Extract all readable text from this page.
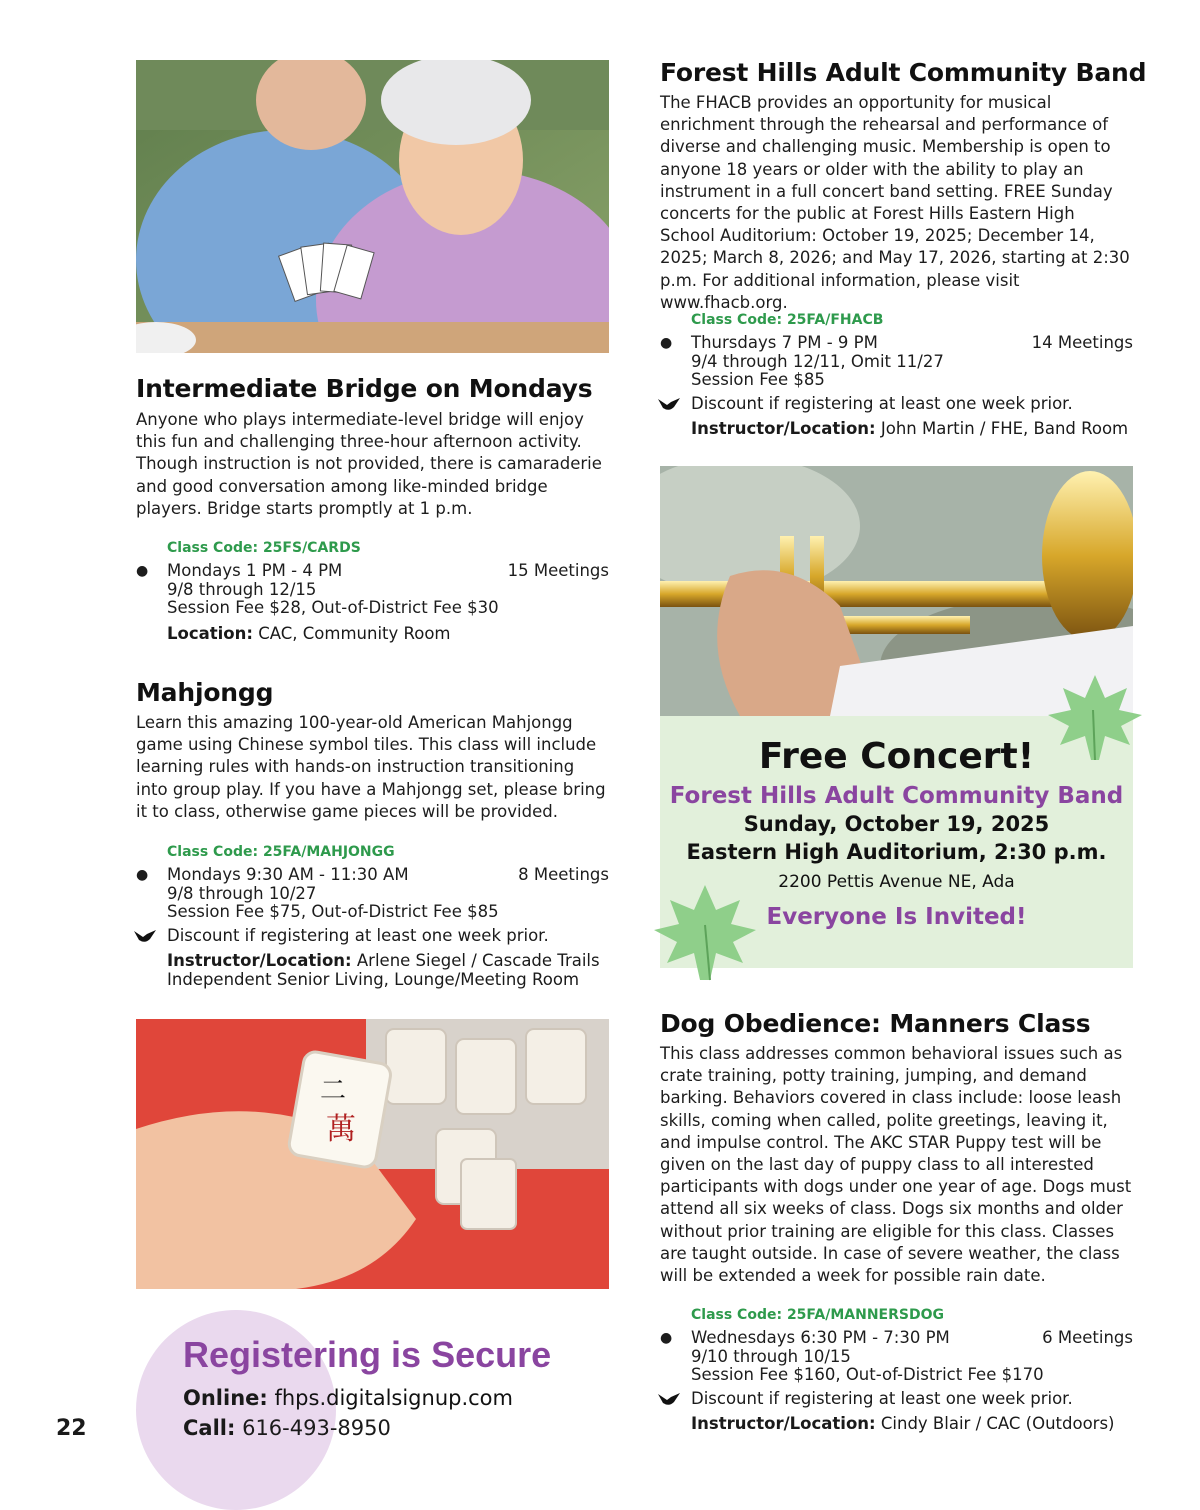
Intermediate Bridge on Mondays

Anyone who plays intermediate-level bridge will enjoy this fun and challenging three-hour afternoon activity. Though instruction is not provided, there is camaraderie and good conversation among like-minded bridge players. Bridge starts promptly at 1 p.m.

Class Code: 25FS/CARDS
● Mondays 1 PM - 4 PM	15 Meetings
9/8 through 12/15
Session Fee $28, Out-of-District Fee $30
Location: CAC, Community Room
Mahjongg

Learn this amazing 100-year-old American Mahjongg game using Chinese symbol tiles. This class will include learning rules with hands-on instruction transitioning into group play. If you have a Mahjongg set, please bring it to class, otherwise game pieces will be provided.

Class Code: 25FA/MAHJONGG
● Mondays 9:30 AM - 11:30 AM	8 Meetings
9/8 through 10/27
Session Fee $75, Out-of-District Fee $85
Discount if registering at least one week prior.
Instructor/Location: Arlene Siegel / Cascade Trails Independent Senior Living, Lounge/Meeting Room
二
萬
Registering is Secure
Online: fhps.digitalsignup.com
Call: 616-493-8950
22
Forest Hills Adult Community Band

The FHACB provides an opportunity for musical enrichment through the rehearsal and performance of diverse and challenging music. Membership is open to anyone 18 years or older with the ability to play an instrument in a full concert band setting. FREE Sunday concerts for the public at Forest Hills Eastern High School Auditorium: October 19, 2025; December 14, 2025; March 8, 2026; and May 17, 2026, starting at 2:30 p.m. For additional information, please visit www.fhacb.org.

Class Code: 25FA/FHACB
● Thursdays 7 PM - 9 PM	14 Meetings
9/4 through 12/11, Omit 11/27
Session Fee $85
Discount if registering at least one week prior.
Instructor/Location: John Martin / FHE, Band Room
Free Concert!
Forest Hills Adult Community Band
Sunday, October 19, 2025
Eastern High Auditorium, 2:30 p.m.
2200 Pettis Avenue NE, Ada
Everyone Is Invited!
Dog Obedience: Manners Class

This class addresses common behavioral issues such as crate training, potty training, jumping, and demand barking. Behaviors covered in class include: loose leash skills, coming when called, polite greetings, leaving it, and impulse control. The AKC STAR Puppy test will be given on the last day of puppy class to all interested participants with dogs under one year of age. Dogs must attend all six weeks of class. Dogs six months and older without prior training are eligible for this class. Classes are taught outside. In case of severe weather, the class will be extended a week for possible rain date.

Class Code: 25FA/MANNERSDOG
● Wednesdays 6:30 PM - 7:30 PM	6 Meetings
9/10 through 10/15
Session Fee $160, Out-of-District Fee $170
Discount if registering at least one week prior.
Instructor/Location: Cindy Blair / CAC (Outdoors)
